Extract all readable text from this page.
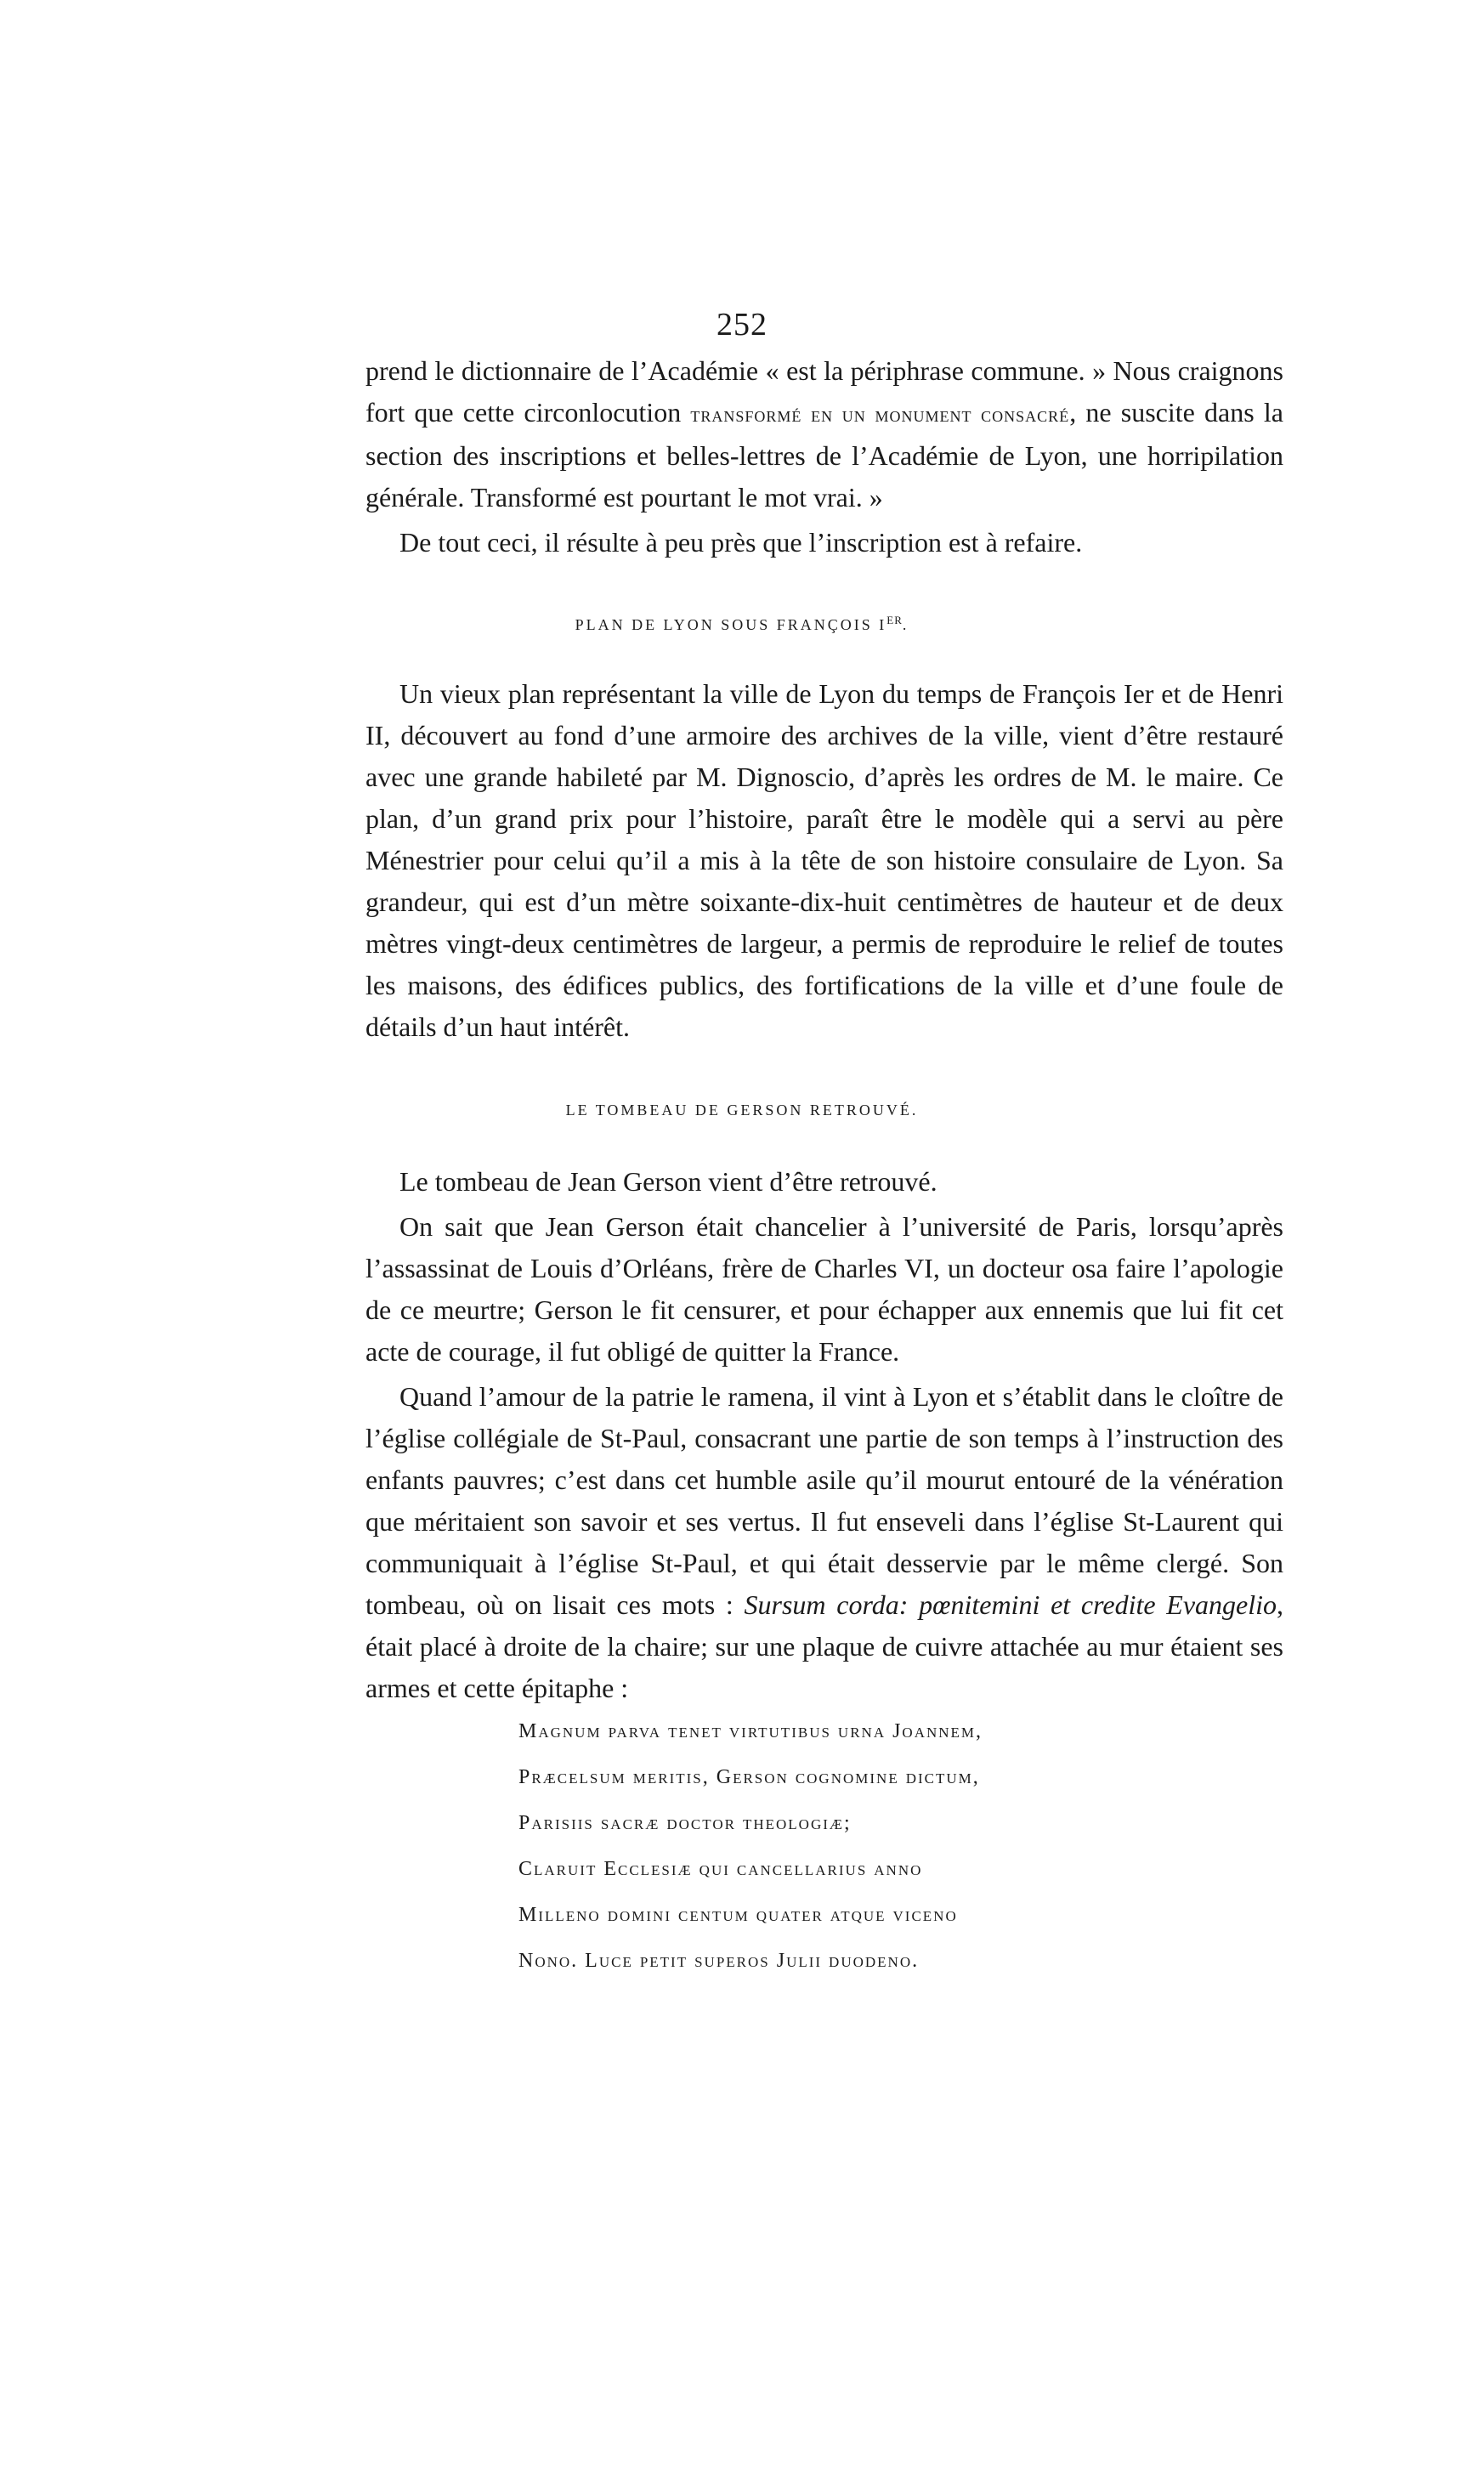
252

prend le dictionnaire de l’Académie « est la périphrase commune. » Nous craignons fort que cette circonlocution transformé en un monument consacré, ne suscite dans la section des inscriptions et belles-lettres de l’Académie de Lyon, une horripilation générale. Transformé est pourtant le mot vrai. »

De tout ceci, il résulte à peu près que l’inscription est à refaire.

PLAN DE LYON SOUS FRANÇOIS IER.

Un vieux plan représentant la ville de Lyon du temps de François Ier et de Henri II, découvert au fond d’une armoire des archives de la ville, vient d’être restauré avec une grande habileté par M. Dignoscio, d’après les ordres de M. le maire. Ce plan, d’un grand prix pour l’histoire, paraît être le modèle qui a servi au père Ménestrier pour celui qu’il a mis à la tête de son histoire consulaire de Lyon. Sa grandeur, qui est d’un mètre soixante-dix-huit centimètres de hauteur et de deux mètres vingt-deux centimètres de largeur, a permis de reproduire le relief de toutes les maisons, des édifices publics, des fortifications de la ville et d’une foule de détails d’un haut intérêt.

LE TOMBEAU DE GERSON RETROUVÉ.

Le tombeau de Jean Gerson vient d’être retrouvé.

On sait que Jean Gerson était chancelier à l’université de Paris, lorsqu’après l’assassinat de Louis d’Orléans, frère de Charles VI, un docteur osa faire l’apologie de ce meurtre; Gerson le fit censurer, et pour échapper aux ennemis que lui fit cet acte de courage, il fut obligé de quitter la France.

Quand l’amour de la patrie le ramena, il vint à Lyon et s’établit dans le cloître de l’église collégiale de St-Paul, consacrant une partie de son temps à l’instruction des enfants pauvres; c’est dans cet humble asile qu’il mourut entouré de la vénération que méritaient son savoir et ses vertus. Il fut enseveli dans l’église St-Laurent qui communiquait à l’église St-Paul, et qui était desservie par le même clergé. Son tombeau, où on lisait ces mots : Sursum corda: pœnitemini et credite Evangelio, était placé à droite de la chaire; sur une plaque de cuivre attachée au mur étaient ses armes et cette épitaphe :

Magnum parva tenet virtutibus urna Joannem,
Præcelsum meritis, Gerson cognomine dictum,
Parisiis sacræ doctor theologiæ;
Claruit Ecclesiæ qui cancellarius anno
Milleno domini centum quater atque viceno
Nono. Luce petit superos Julii duodeno.
